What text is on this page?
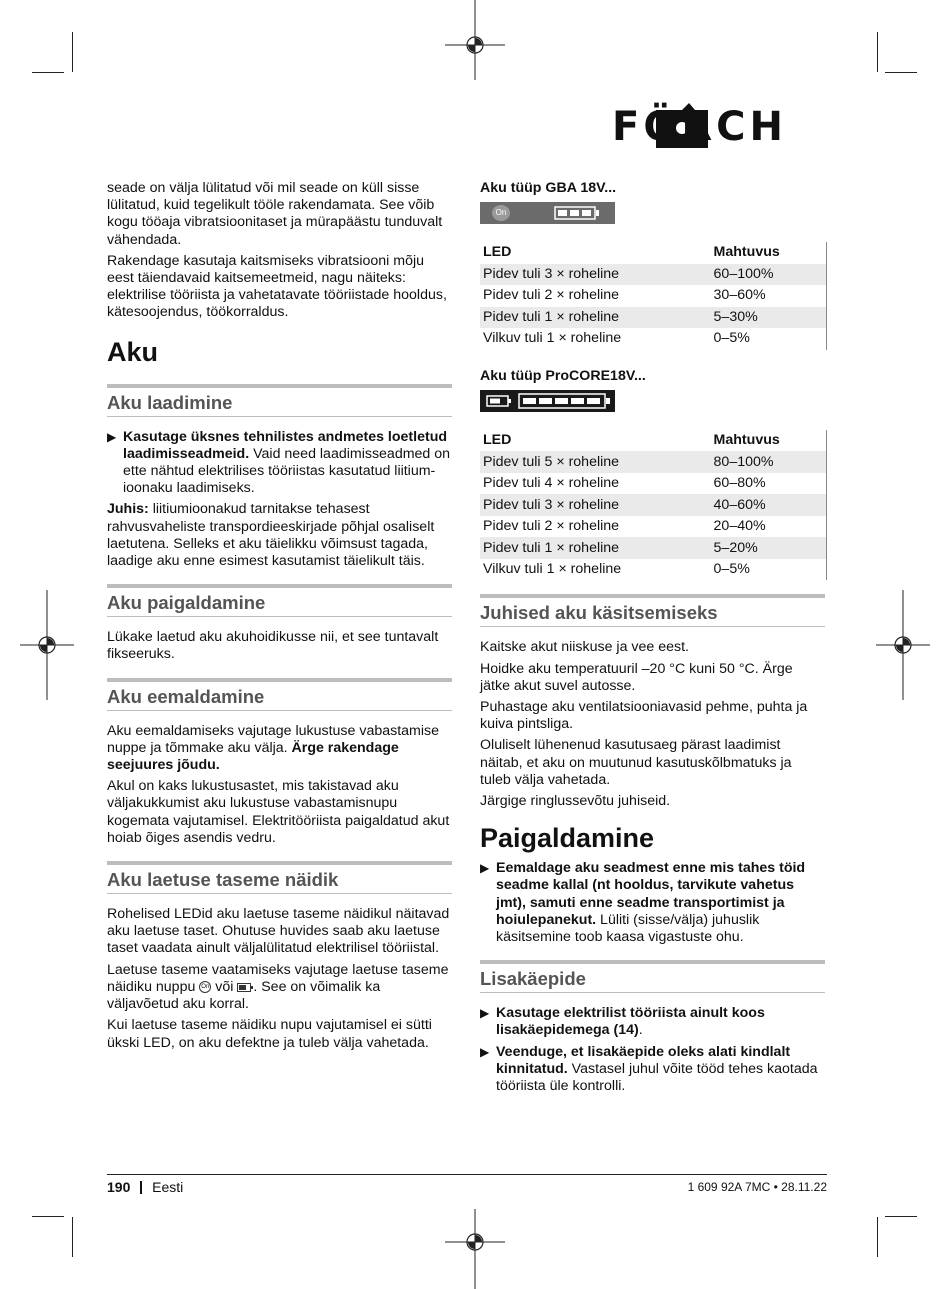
FÖRCH

seade on välja lülitatud või mil seade on küll sisse lülitatud, kuid tegelikult tööle rakendamata. See võib kogu tööaja vibratsioonitaset ja mürapäästu tunduvalt vähendada.

Rakendage kasutaja kaitsmiseks vibratsiooni mõju eest täiendavaid kaitsemeetmeid, nagu näiteks: elektrilise tööriista ja vahetatavate tööriistade hooldus, kätesoojendus, töökorraldus.

Aku
Aku laadimine
▶ Kasutage üksnes tehnilistes andmetes loetletud laadimisseadmeid. Vaid need laadimisseadmed on ette nähtud elektrilises tööriistas kasutatud liitium-ioonaku laadimiseks.

Juhis: liitiumioonakud tarnitakse tehasest rahvusvaheliste transpordieeskirjade põhjal osaliselt laetutena. Selleks et aku täielikku võimsust tagada, laadige aku enne esimest kasutamist täielikult täis.

Aku paigaldamine

Lükake laetud aku akuhoidikusse nii, et see tuntavalt fikseeruks.

Aku eemaldamine

Aku eemaldamiseks vajutage lukustuse vabastamise nuppe ja tõmmake aku välja. Ärge rakendage seejuures jõudu.

Akul on kaks lukustusastet, mis takistavad aku väljakukkumist aku lukustuse vabastamisnupu kogemata vajutamisel. Elektritööriista paigaldatud akut hoiab õiges asendis vedru.

Aku laetuse taseme näidik

Rohelised LEDid aku laetuse taseme näidikul näitavad aku laetuse taset. Ohutuse huvides saab aku laetuse taset vaadata ainult väljalülitatud elektrilisel tööriistal.

Laetuse taseme vaatamiseks vajutage laetuse taseme näidiku nuppu On või . See on võimalik ka väljavõetud aku korral.

Kui laetuse taseme näidiku nupu vajutamisel ei sütti ükski LED, on aku defektne ja tuleb välja vahetada.

Aku tüüp GBA 18V...
On
LED	Mahtuvus
Pidev tuli 3 × roheline	60–100%
Pidev tuli 2 × roheline	30–60%
Pidev tuli 1 × roheline	5–30%
Vilkuv tuli 1 × roheline	0–5%
Aku tüüp ProCORE18V...
LED	Mahtuvus
Pidev tuli 5 × roheline	80–100%
Pidev tuli 4 × roheline	60–80%
Pidev tuli 3 × roheline	40–60%
Pidev tuli 2 × roheline	20–40%
Pidev tuli 1 × roheline	5–20%
Vilkuv tuli 1 × roheline	0–5%
Juhised aku käsitsemiseks

Kaitske akut niiskuse ja vee eest.

Hoidke aku temperatuuril –20 °C kuni 50 °C. Ärge jätke akut suvel autosse.

Puhastage aku ventilatsiooniavasid pehme, puhta ja kuiva pintsliga.

Oluliselt lühenenud kasutusaeg pärast laadimist näitab, et aku on muutunud kasutuskõlbmatuks ja tuleb välja vahetada.

Järgige ringlussevõtu juhiseid.

Paigaldamine
▶ Eemaldage aku seadmest enne mis tahes töid seadme kallal (nt hooldus, tarvikute vahetus jmt), samuti enne seadme transportimist ja hoiulepanekut. Lüliti (sisse/välja) juhuslik käsitsemine toob kaasa vigastuste ohu.
Lisakäepide
▶ Kasutage elektrilist tööriista ainult koos lisakäepidemega (14).
▶ Veenduge, et lisakäepide oleks alati kindlalt kinnitatud. Vastasel juhul võite tööd tehes kaotada tööriista üle kontrolli.
190 Eesti	1 609 92A 7MC • 28.11.22
